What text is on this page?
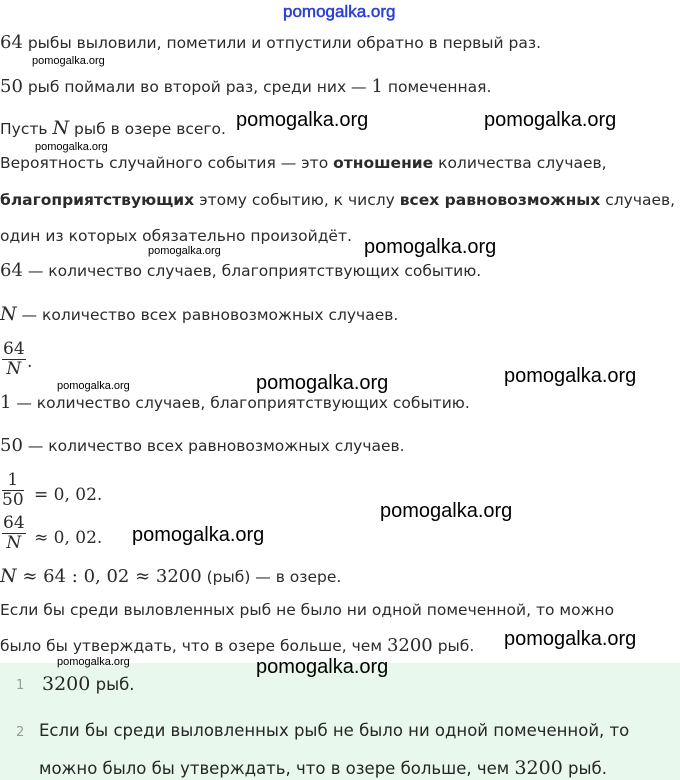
pomogalka.org
64 рыбы выловили, пометили и отпустили обратно в первый раз.
50 рыб поймали во второй раз, среди них — 1 помеченная.
Пусть N рыб в озере всего.
Вероятность случайного события — это отношение количества случаев,
благоприятствующих этому событию, к числу всех равновозможных случаев,
один из которых обязательно произойдёт.
64 — количество случаев, благоприятствующих событию.
N — количество всех равновозможных случаев.
$\frac{64}{N}$ .
1 — количество случаев, благоприятствующих событию.
50 — количество всех равновозможных случаев.
$\frac{1}{50} = 0$, 02.
$\frac{64}{N} \approx 0$, 02.
N ≈ 64 : 0, 02 ≈ 3200 (рыб) — в озере.
Если бы среди выловленных рыб не было ни одной помеченной, то можно
было бы утверждать, что в озере больше, чем 3200 рыб.
1 3200 рыб.
2 Если бы среди выловленных рыб не было ни одной помеченной, то
можно было бы утверждать, что в озере больше, чем 3200 рыб.
pomogalka.org
pomogalka.org	pomogalka.org
pomogalka.org
pomogalka.org
pomogalka.org
pomogalka.org	pomogalka.org	pomogalka.org
pomogalka.org
pomogalka.org
pomogalka.org
pomogalka.org	pomogalka.org
